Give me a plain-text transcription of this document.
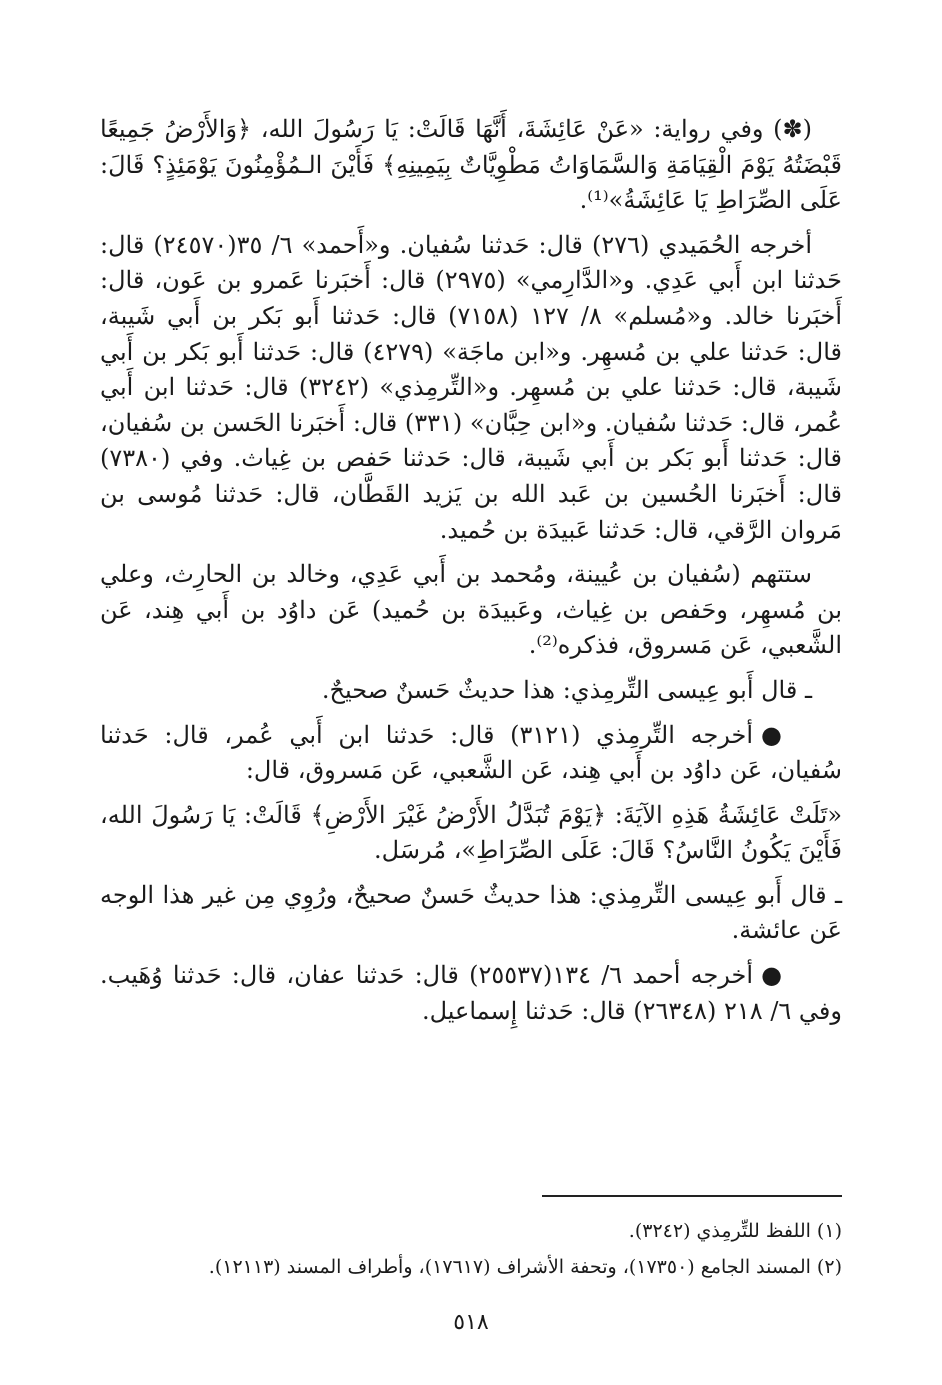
(✽) وفي رواية: «عَنْ عَائِشَةَ، أَنَّهَا قَالَتْ: يَا رَسُولَ الله، ﴿وَالأَرْضُ جَمِيعًا قَبْضَتُهُ يَوْمَ الْقِيَامَةِ وَالسَّمَاوَاتُ مَطْوِيَّاتٌ بِيَمِينِهِ﴾ فَأَيْنَ الـمُؤْمِنُونَ يَوْمَئِذٍ؟ قَالَ: عَلَى الصِّرَاطِ يَا عَائِشَةُ»⁽¹⁾.

أخرجه الحُمَيدي (٢٧٦) قال: حَدثنا سُفيان. و«أَحمد» ٦/ ٣٥(٢٤٥٧٠) قال: حَدثنا ابن أَبي عَدِي. و«الدَّارِمي» (٢٩٧٥) قال: أَخبَرنا عَمرو بن عَون، قال: أَخبَرنا خالد. و«مُسلم» ٨/ ١٢٧ (٧١٥٨) قال: حَدثنا أَبو بَكر بن أَبي شَيبة، قال: حَدثنا علي بن مُسهِر. و«ابن ماجَة» (٤٢٧٩) قال: حَدثنا أَبو بَكر بن أَبي شَيبة، قال: حَدثنا علي بن مُسهِر. و«التِّرمِذي» (٣٢٤٢) قال: حَدثنا ابن أَبي عُمر، قال: حَدثنا سُفيان. و«ابن حِبَّان» (٣٣١) قال: أَخبَرنا الحَسن بن سُفيان، قال: حَدثنا أَبو بَكر بن أَبي شَيبة، قال: حَدثنا حَفص بن غِياث. وفي (٧٣٨٠) قال: أَخبَرنا الحُسين بن عَبد الله بن يَزيد القَطَّان، قال: حَدثنا مُوسى بن مَروان الرَّقي، قال: حَدثنا عَبيدَة بن حُميد.

ستتهم (سُفيان بن عُيينة، ومُحمد بن أَبي عَدِي، وخالد بن الحارِث، وعلي بن مُسهِر، وحَفص بن غِياث، وعَبيدَة بن حُميد) عَن داوُد بن أَبي هِند، عَن الشَّعبي، عَن مَسروق، فذكره⁽²⁾.

ـ قال أَبو عِيسى التِّرمِذي: هذا حديثٌ حَسنٌ صحيحٌ.

●أخرجه التِّرمِذي (٣١٢١) قال: حَدثنا ابن أَبي عُمر، قال: حَدثنا سُفيان، عَن داوُد بن أَبي هِند، عَن الشَّعبي، عَن مَسروق، قال:

«تَلَتْ عَائِشَةُ هَذِهِ الآيَةَ: ﴿يَوْمَ تُبَدَّلُ الأَرْضُ غَيْرَ الأَرْضِ﴾ قَالَتْ: يَا رَسُولَ الله، فَأَيْنَ يَكُونُ النَّاسُ؟ قَالَ: عَلَى الصِّرَاطِ»، مُرسَل.

ـ قال أَبو عِيسى التِّرمِذي: هذا حديثٌ حَسنٌ صحيحٌ، ورُوِي مِن غير هذا الوجه عَن عائشة.

●أخرجه أحمد ٦/ ١٣٤(٢٥٥٣٧) قال: حَدثنا عفان، قال: حَدثنا وُهَيب. وفي ٦/ ٢١٨ (٢٦٣٤٨) قال: حَدثنا إِسماعيل.

(١) اللفظ للتِّرمِذي (٣٢٤٢).

(٢) المسند الجامع (١٧٣٥٠)، وتحفة الأشراف (١٧٦١٧)، وأطراف المسند (١٢١١٣).

٥١٨
